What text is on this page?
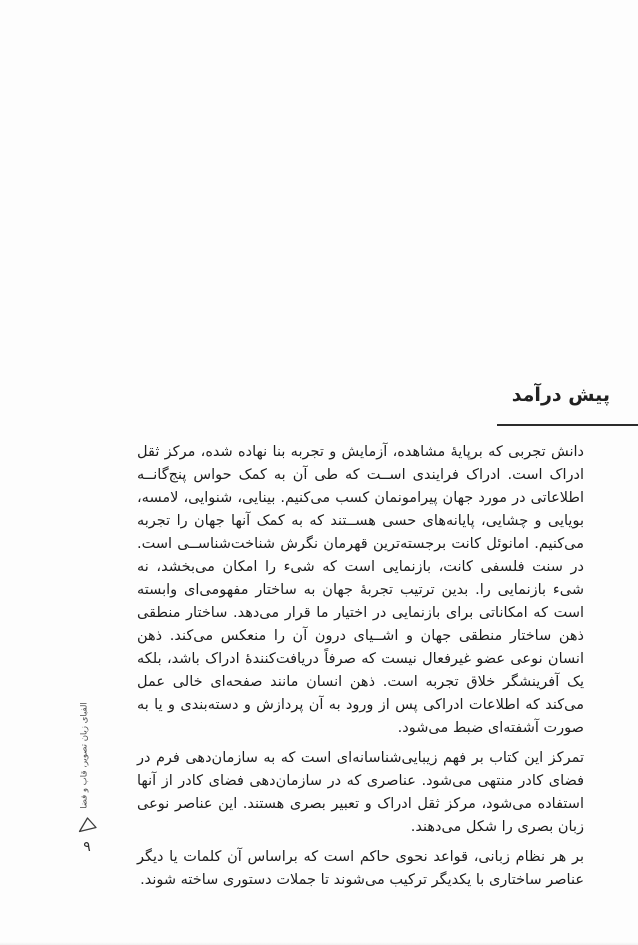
پیش درآمد

دانش تجربی که برپایهٔ مشاهده، آزمایش و تجربه بنا نهاده شده، مرکز ثقل ادراک است. ادراک فرایندی اســت که طی آن به کمک حواس پنج‌گانــه اطلاعاتی در مورد جهان پیرامونمان کسب می‌کنیم. بینایی، شنوایی، لامسه، بویایی و چشایی، پایانه‌های حسی هســتند که به کمک آنها جهان را تجربه می‌کنیم. امانوئل کانت برجسته‌ترین قهرمان نگرش شناخت‌شناســی است. در سنت فلسفی کانت، بازنمایی است که شیء را امکان می‌بخشد، نه شیء بازنمایی را. بدین ترتیب تجربهٔ جهان به ساختار مفهومی‌ای وابسته است که امکاناتی برای بازنمایی در اختیار ما قرار می‌دهد. ساختار منطقی ذهن ساختار منطقی جهان و اشــیای درون آن را منعکس می‌کند. ذهن انسان نوعی عضو غیرفعال نیست که صرفاً دریافت‌کنندهٔ ادراک باشد، بلکه یک آفرینشگر خلاق تجربه است. ذهن انسان مانند صفحه‌ای خالی عمل می‌کند که اطلاعات ادراکی پس از ورود به آن پردازش و دسته‌بندی و یا به صورت آشفته‌ای ضبط می‌شود.

تمرکز این کتاب بر فهم زیبایی‌شناسانه‌ای است که به سازمان‌دهی فرم در فضای کادر منتهی می‌شود. عناصری که در سازمان‌دهی فضای کادر از آنها استفاده می‌شود، مرکز ثقل ادراک و تعبیر بصری هستند. این عناصر نوعی زبان بصری را شکل می‌دهند.

بر هر نظام زبانی، قواعد نحوی حاکم است که براساس آن کلمات یا دیگر عناصر ساختاری با یکدیگر ترکیب می‌شوند تا جملات دستوری ساخته شوند.

الفبای زبان تصویر، قاب و فضا
۹
